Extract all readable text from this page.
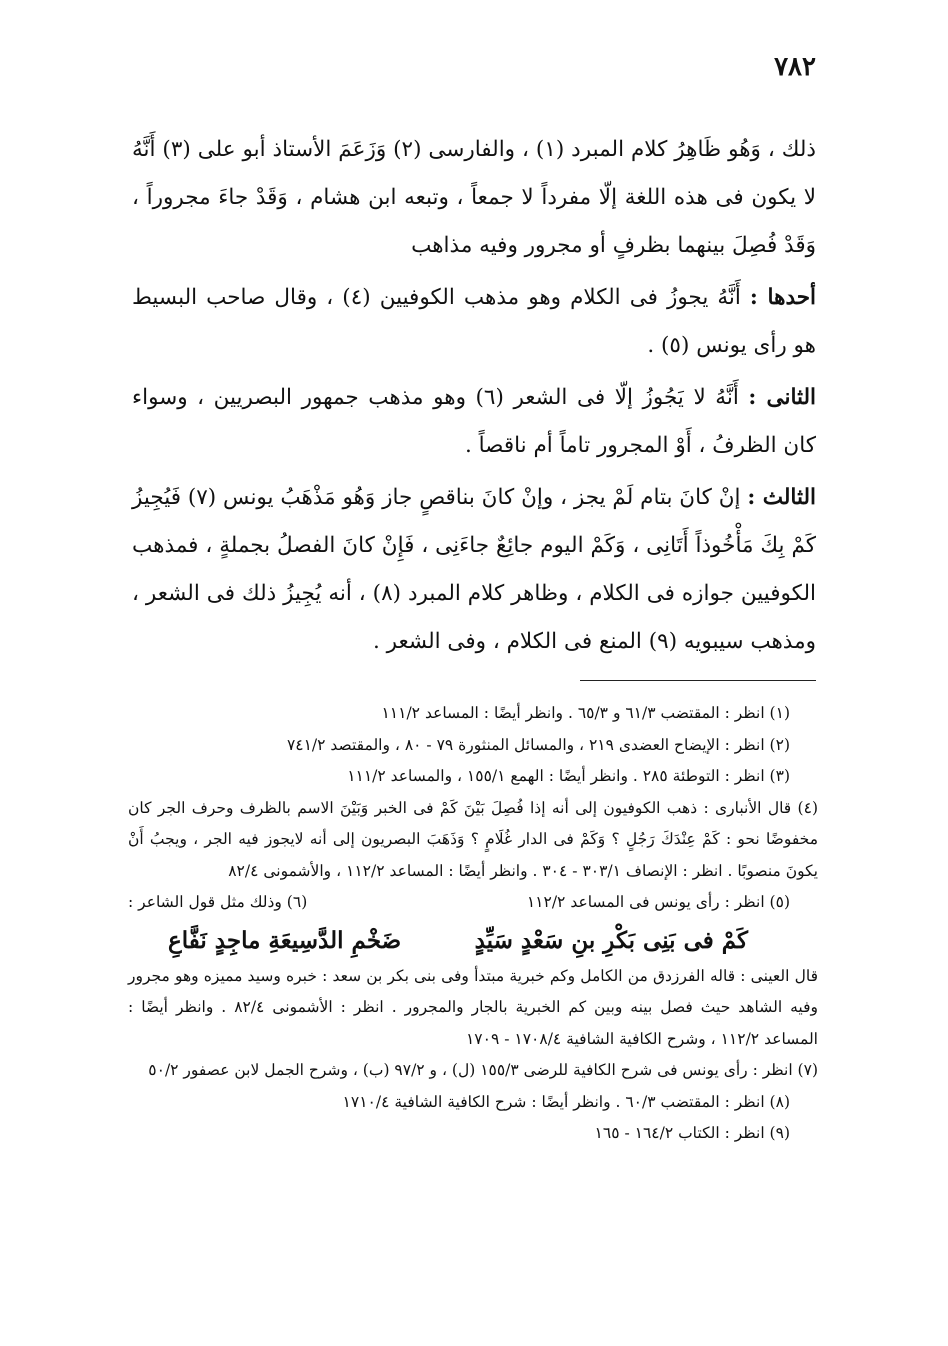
٧٨٢

ذلك ، وَهُو ظَاهِرُ كلام المبرد (١) ، والفارسى (٢) وَزَعَمَ الأستاذ أبو على (٣) أَنَّهُ لا يكون فى هذه اللغة إلّا مفرداً لا جمعاً ، وتبعه ابن هشام ، وَقَدْ جاءَ مجروراً ، وَقَدْ فُصِلَ بينهما بظرفٍ أو مجرور وفيه مذاهب

أحدها : أَنَّهُ يجوزُ فى الكلام وهو مذهب الكوفيين (٤) ، وقال صاحب البسيط هو رأى يونس (٥) .

الثانى : أَنَّهُ لا يَجُوزُ إلّا فى الشعر (٦) وهو مذهب جمهور البصريين ، وسواء كان الظرفُ ، أَوْ المجرور تاماً أم ناقصاً .

الثالث : إنْ كانَ بتام لَمْ يجز ، وإنْ كانَ بناقصٍ جاز وَهُو مَذْهَبُ يونس (٧) فَيُجِيزُ كَمْ بِكَ مَأْخُوذاً أَتَانِى ، وَكَمْ اليوم جائِعٌ جاءَنِى ، فَإِنْ كانَ الفصلُ بجملةٍ ، فمذهب الكوفيين جوازه فى الكلام ، وظاهر كلام المبرد (٨) ، أنه يُجِيزُ ذلك فى الشعر ، ومذهب سيبويه (٩) المنع فى الكلام ، وفى الشعر .

(١) انظر : المقتضب ٦١/٣ و ٦٥/٣ . وانظر أيضًا : المساعد ١١١/٢

(٢) انظر : الإيضاح العضدى ٢١٩ ، والمسائل المنثورة ٧٩ - ٨٠ ، والمقتصد ٧٤١/٢

(٣) انظر : التوطئة ٢٨٥ . وانظر أيضًا : الهمع ١٥٥/١ ، والمساعد ١١١/٢

(٤) قال الأنبارى : ذهب الكوفيون إلى أنه إذا فُصِلَ بَيْنَ كَمْ فى الخبر وَبَيْنَ الاسم بالظرف وحرف الجر كان مخفوضًا نحو : كَمْ عِنْدَكَ رَجُلٍ ؟ وَكَمْ فى الدار غُلَامٍ ؟ وَذَهَبَ البصريون إلى أنه لايجوز فيه الجر ، ويجبُ أَنْ يكونَ منصوبًا . انظر : الإنصاف ٣٠٣/١ - ٣٠٤ . وانظر أيضًا : المساعد ١١٢/٢ ، والأشمونى ٨٢/٤

(٥) انظر : رأى يونس فى المساعد ١١٢/٢
(٦) وذلك مثل قول الشاعر :
كَمْ فى بَنِى بَكْرِ بنِ سَعْدٍ سَيِّدٍ
ضَخْمِ الدَّسِيعَةِ ماجِدٍ نَفَّاعِ

قال العينى : قاله الفرزدق من الكامل وكم خبرية مبتدأ وفى بنى بكر بن سعد : خبره وسيد مميزه وهو مجرور وفيه الشاهد حيث فصل بينه وبين كم الخبرية بالجار والمجرور . انظر : الأشمونى ٨٢/٤ . وانظر أيضًا : المساعد ١١٢/٢ ، وشرح الكافية الشافية ١٧٠٨/٤ - ١٧٠٩

(٧) انظر : رأى يونس فى شرح الكافية للرضى ١٥٥/٣ (ل) ، و ٩٧/٢ (ب) ، وشرح الجمل لابن عصفور ٥٠/٢

(٨) انظر : المقتضب ٦٠/٣ . وانظر أيضًا : شرح الكافية الشافية ١٧١٠/٤

(٩) انظر : الكتاب ١٦٤/٢ - ١٦٥
